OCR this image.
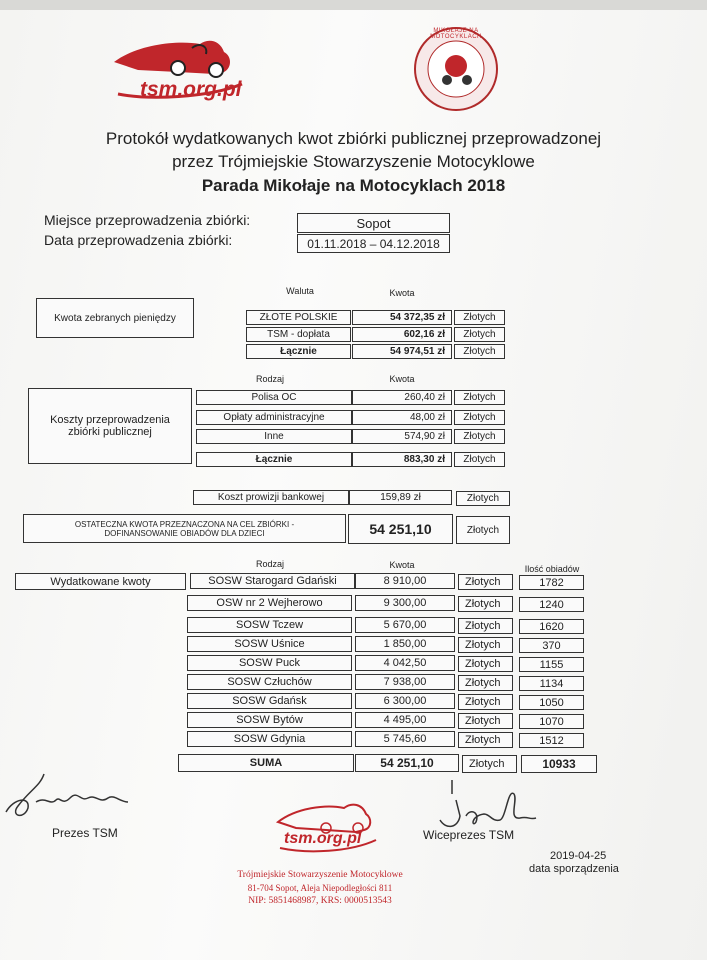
tsm.org.pl
MIKOŁAJE NA MOTOCYKLACH
Protokół wydatkowanych kwot zbiórki publicznej przeprowadzonej
przez Trójmiejskie Stowarzyszenie Motocyklowe
Parada Mikołaje na Motocyklach 2018
Miejsce przeprowadzenia zbiórki:	Sopot
Data przeprowadzenia zbiórki:	01.11.2018 – 04.12.2018
Waluta	Kwota
Kwota zebranych pieniędzy	ZŁOTE POLSKIE	54 372,35 zł	Złotych
TSM - dopłata	602,16 zł	Złotych
Łącznie	54 974,51 zł	Złotych
Rodzaj	Kwota
Koszty przeprowadzenia zbiórki publicznej
Polisa OC	260,40 zł	Złotych
Opłaty administracyjne	48,00 zł	Złotych
Inne	574,90 zł	Złotych
Łącznie	883,30 zł	Złotych
Koszt prowizji bankowej	159,89 zł	Złotych
OSTATECZNA KWOTA PRZEZNACZONA NA CEL ZBIÓRKI - DOFINANSOWANIE OBIADÓW DLA DZIECI	54 251,10	Złotych
Rodzaj	Kwota	Ilość obiadów
Wydatkowane kwoty	SOSW Starogard Gdański	8 910,00	Złotych	1782
OSW nr 2 Wejherowo	9 300,00	Złotych	1240
SOSW Tczew	5 670,00	Złotych	1620
SOSW Uśnice	1 850,00	Złotych	370
SOSW Puck	4 042,50	Złotych	1155
SOSW Człuchów	7 938,00	Złotych	1134
SOSW Gdańsk	6 300,00	Złotych	1050
SOSW Bytów	4 495,00	Złotych	1070
SOSW Gdynia	5 745,60	Złotych	1512
SUMA	54 251,10	Złotych	10933
Prezes TSM	Wiceprezes TSM
2019-04-25
data sporządzenia
tsm.org.pl
Trójmiejskie Stowarzyszenie Motocyklowe
81-704 Sopot, Aleja Niepodległości 811
NIP: 5851468987, KRS: 0000513543
